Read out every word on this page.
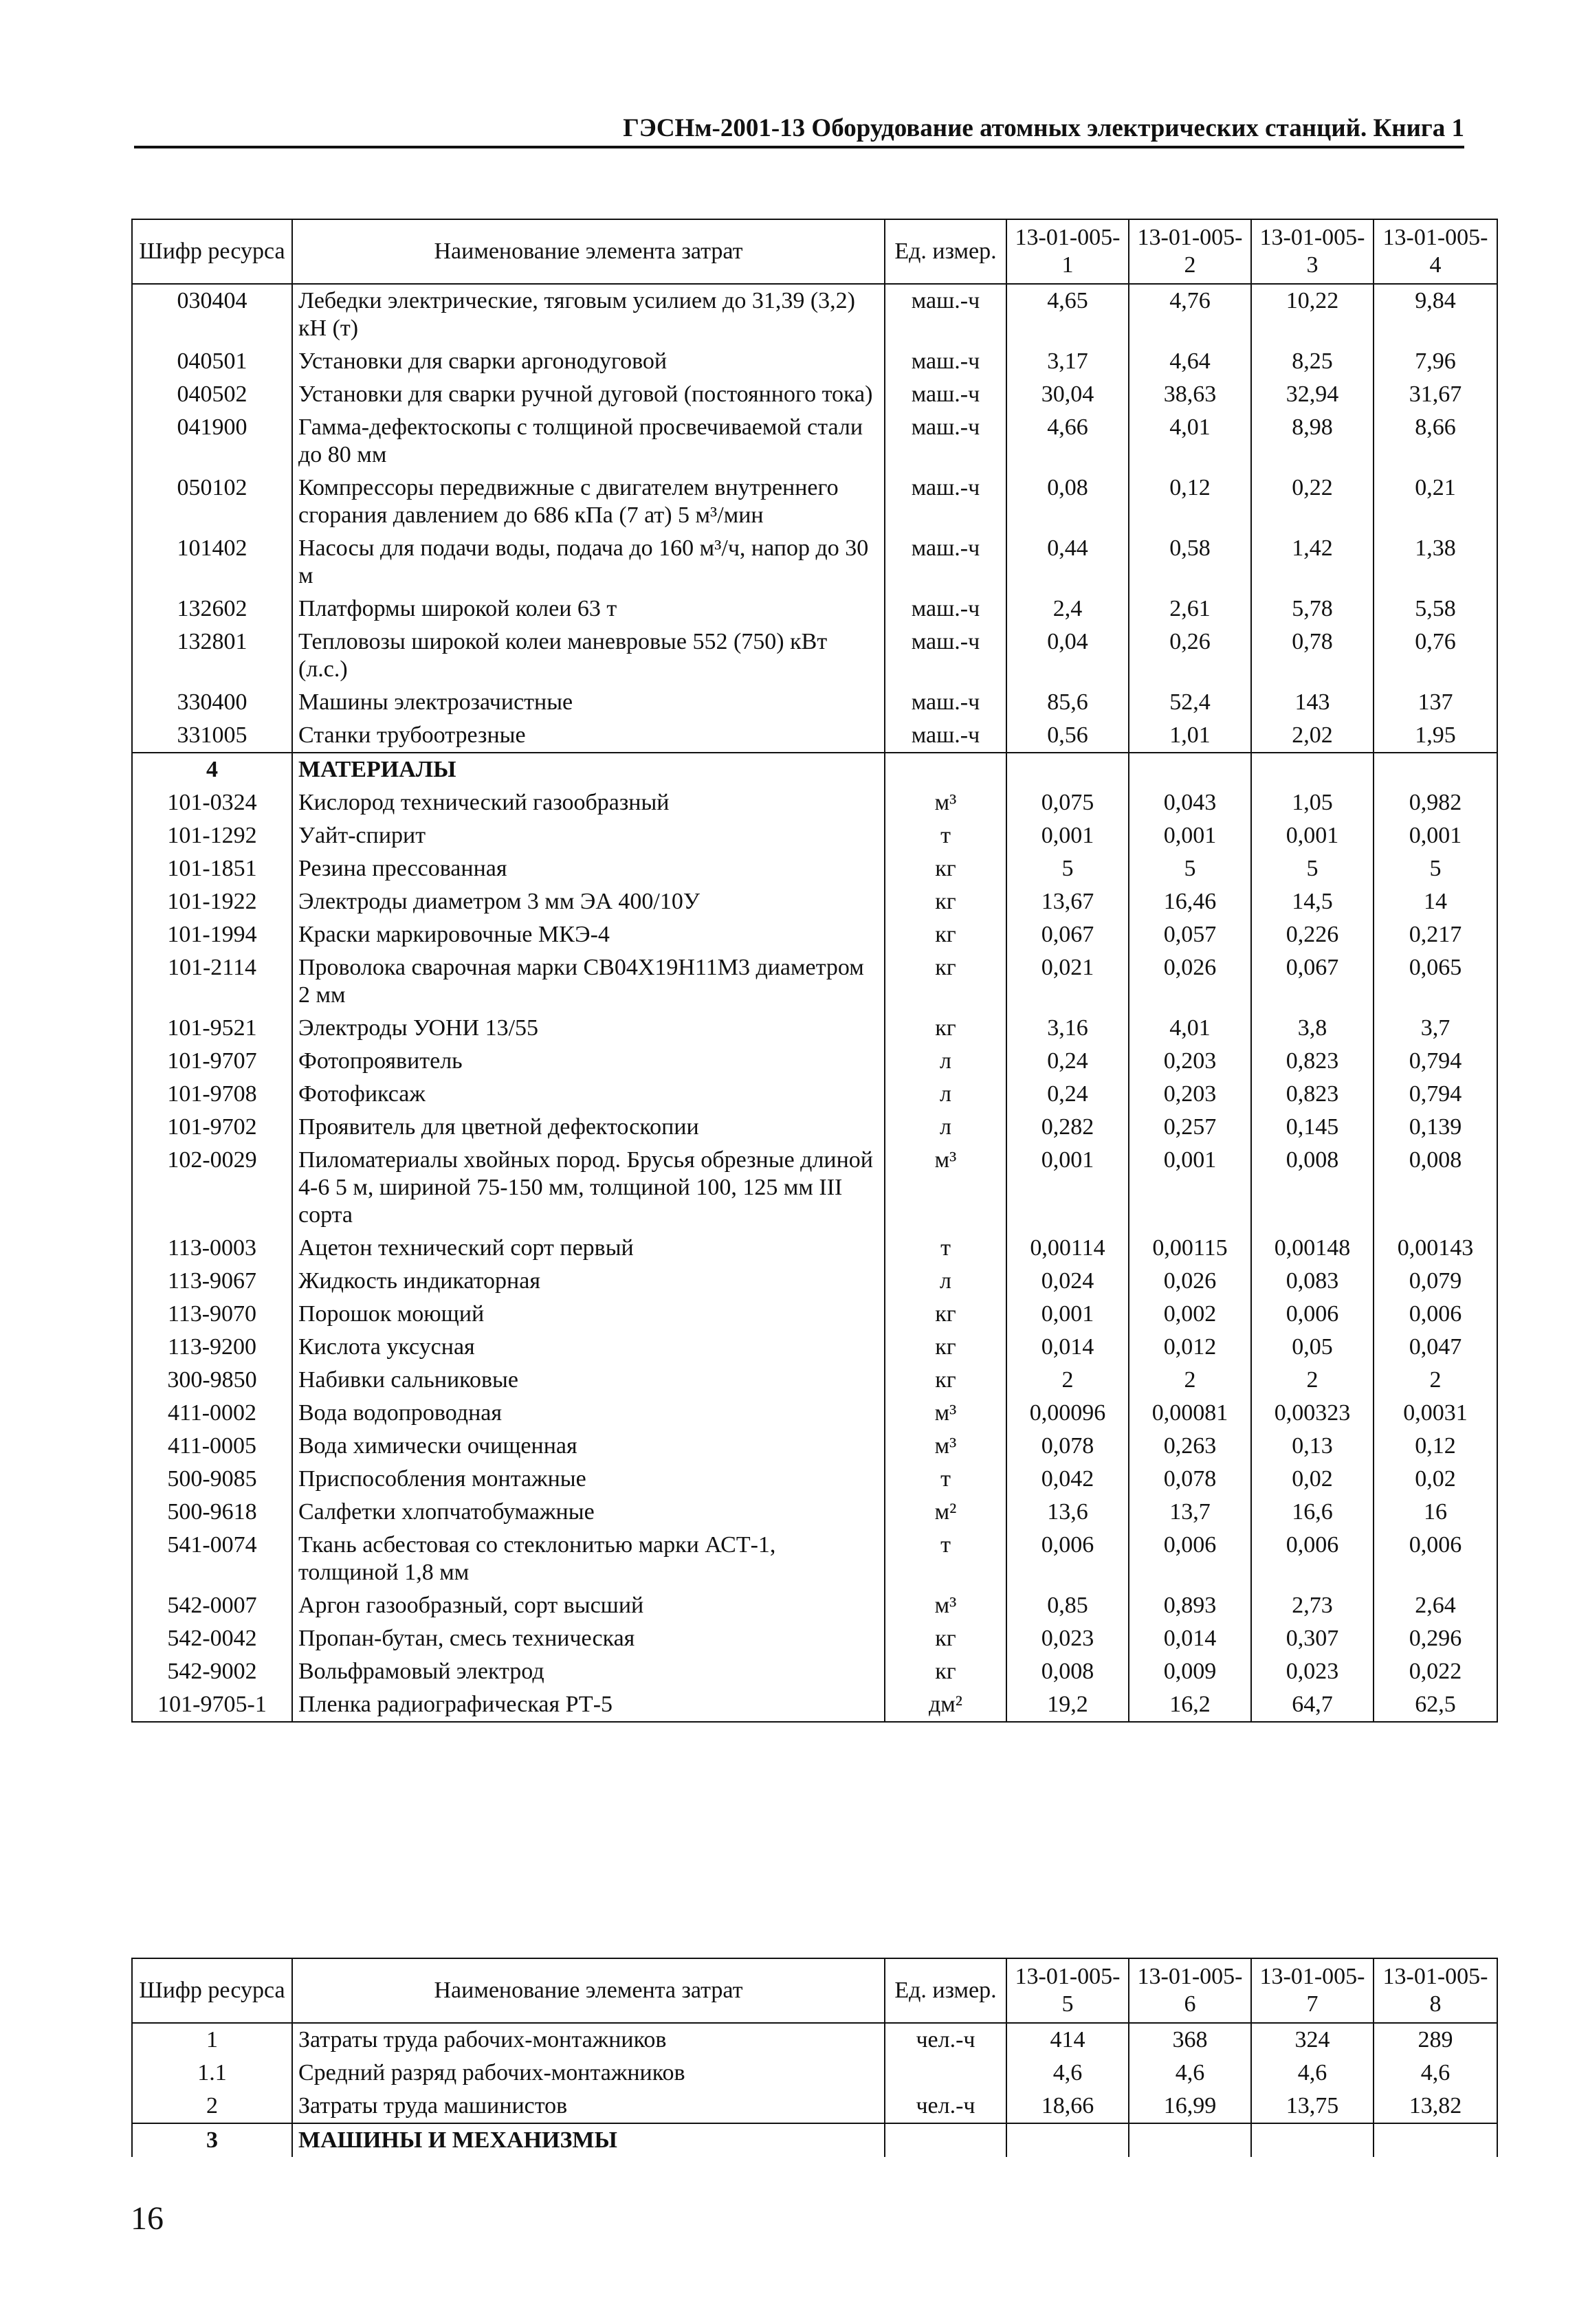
ГЭСНм-2001-13 Оборудование атомных электрических станций. Книга 1
Шифр ресурса	Наименование элемента затрат	Ед. измер.	13-01-005-1	13-01-005-2	13-01-005-3	13-01-005-4
030404	Лебедки электрические, тяговым усилием до 31,39 (3,2) кН (т)	маш.-ч	4,65	4,76	10,22	9,84
040501	Установки для сварки аргонодуговой	маш.-ч	3,17	4,64	8,25	7,96
040502	Установки для сварки ручной дуговой (постоянного тока)	маш.-ч	30,04	38,63	32,94	31,67
041900	Гамма-дефектоскопы с толщиной просвечиваемой стали до 80 мм	маш.-ч	4,66	4,01	8,98	8,66
050102	Компрессоры передвижные с двигателем внутреннего сгорания давлением до 686 кПа (7 ат) 5 м³/мин	маш.-ч	0,08	0,12	0,22	0,21
101402	Насосы для подачи воды, подача до 160 м³/ч, напор до 30 м	маш.-ч	0,44	0,58	1,42	1,38
132602	Платформы широкой колеи 63 т	маш.-ч	2,4	2,61	5,78	5,58
132801	Тепловозы широкой колеи маневровые 552 (750) кВт (л.с.)	маш.-ч	0,04	0,26	0,78	0,76
330400	Машины электрозачистные	маш.-ч	85,6	52,4	143	137
331005	Станки трубоотрезные	маш.-ч	0,56	1,01	2,02	1,95
4	МАТЕРИАЛЫ					
101-0324	Кислород технический газообразный	м³	0,075	0,043	1,05	0,982
101-1292	Уайт-спирит	т	0,001	0,001	0,001	0,001
101-1851	Резина прессованная	кг	5	5	5	5
101-1922	Электроды диаметром 3 мм ЭА 400/10У	кг	13,67	16,46	14,5	14
101-1994	Краски маркировочные МКЭ-4	кг	0,067	0,057	0,226	0,217
101-2114	Проволока сварочная марки СВ04Х19Н11М3 диаметром 2 мм	кг	0,021	0,026	0,067	0,065
101-9521	Электроды УОНИ 13/55	кг	3,16	4,01	3,8	3,7
101-9707	Фотопроявитель	л	0,24	0,203	0,823	0,794
101-9708	Фотофиксаж	л	0,24	0,203	0,823	0,794
101-9702	Проявитель для цветной дефектоскопии	л	0,282	0,257	0,145	0,139
102-0029	Пиломатериалы хвойных пород. Брусья обрезные длиной 4-6 5 м, шириной 75-150 мм, толщиной 100, 125 мм III сорта	м³	0,001	0,001	0,008	0,008
113-0003	Ацетон технический сорт первый	т	0,00114	0,00115	0,00148	0,00143
113-9067	Жидкость индикаторная	л	0,024	0,026	0,083	0,079
113-9070	Порошок моющий	кг	0,001	0,002	0,006	0,006
113-9200	Кислота уксусная	кг	0,014	0,012	0,05	0,047
300-9850	Набивки сальниковые	кг	2	2	2	2
411-0002	Вода водопроводная	м³	0,00096	0,00081	0,00323	0,0031
411-0005	Вода химически очищенная	м³	0,078	0,263	0,13	0,12
500-9085	Приспособления монтажные	т	0,042	0,078	0,02	0,02
500-9618	Салфетки хлопчатобумажные	м²	13,6	13,7	16,6	16
541-0074	Ткань асбестовая со стеклонитью марки АСТ-1, толщиной 1,8 мм	т	0,006	0,006	0,006	0,006
542-0007	Аргон газообразный, сорт высший	м³	0,85	0,893	2,73	2,64
542-0042	Пропан-бутан, смесь техническая	кг	0,023	0,014	0,307	0,296
542-9002	Вольфрамовый электрод	кг	0,008	0,009	0,023	0,022
101-9705-1	Пленка радиографическая РТ-5	дм²	19,2	16,2	64,7	62,5
Шифр ресурса	Наименование элемента затрат	Ед. измер.	13-01-005-5	13-01-005-6	13-01-005-7	13-01-005-8
1	Затраты труда рабочих-монтажников	чел.-ч	414	368	324	289
1.1	Средний разряд рабочих-монтажников		4,6	4,6	4,6	4,6
2	Затраты труда машинистов	чел.-ч	18,66	16,99	13,75	13,82
3	МАШИНЫ И МЕХАНИЗМЫ					
16
